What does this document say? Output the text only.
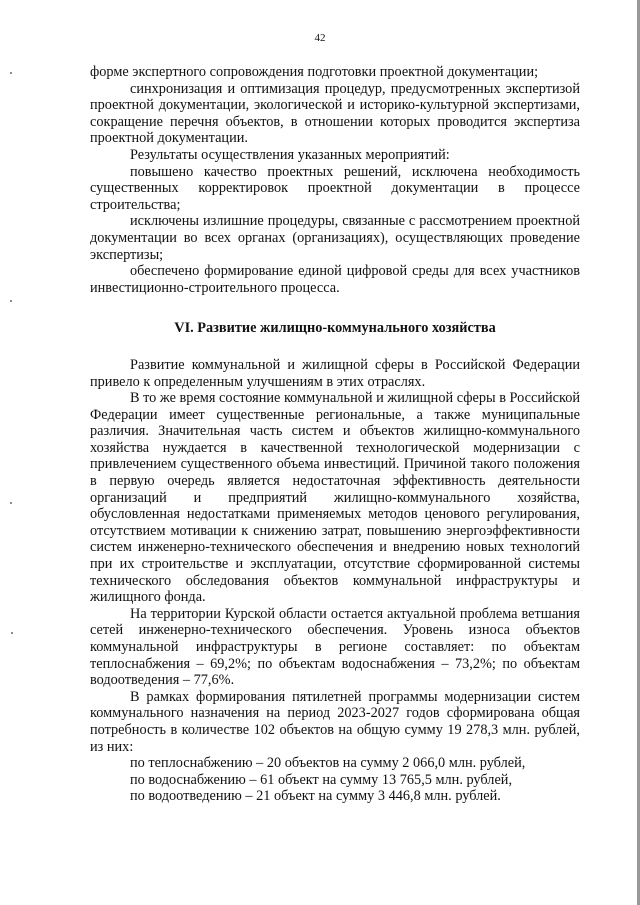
42

форме экспертного сопровождения подготовки проектной документации;

синхронизация и оптимизация процедур, предусмотренных экспертизой проектной документации, экологической и историко-культурной экспертизами, сокращение перечня объектов, в отношении которых проводится экспертиза проектной документации.

Результаты осуществления указанных мероприятий:

повышено качество проектных решений, исключена необходимость существенных корректировок проектной документации в процессе строительства;

исключены излишние процедуры, связанные с рассмотрением проектной документации во всех органах (организациях), осуществляющих проведение экспертизы;

обеспечено формирование единой цифровой среды для всех участников инвестиционно-строительного процесса.

VI. Развитие жилищно-коммунального хозяйства

Развитие коммунальной и жилищной сферы в Российской Федерации привело к определенным улучшениям в этих отраслях.

В то же время состояние коммунальной и жилищной сферы в Российской Федерации имеет существенные региональные, а также муниципальные различия. Значительная часть систем и объектов жилищно-коммунального хозяйства нуждается в качественной технологической модернизации с привлечением существенного объема инвестиций. Причиной такого положения в первую очередь является недостаточная эффективность деятельности организаций и предприятий жилищно-коммунального хозяйства, обусловленная недостатками применяемых методов ценового регулирования, отсутствием мотивации к снижению затрат, повышению энергоэффективности систем инженерно-технического обеспечения и внедрению новых технологий при их строительстве и эксплуатации, отсутствие сформированной системы технического обследования объектов коммунальной инфраструктуры и жилищного фонда.

На территории Курской области остается актуальной проблема ветшания сетей инженерно-технического обеспечения. Уровень износа объектов коммунальной инфраструктуры в регионе составляет: по объектам теплоснабжения – 69,2%; по объектам водоснабжения – 73,2%; по объектам водоотведения – 77,6%.

В рамках формирования пятилетней программы модернизации систем коммунального назначения на период 2023-2027 годов сформирована общая потребность в количестве 102 объектов на общую сумму 19 278,3 млн. рублей, из них:

по теплоснабжению – 20 объектов на сумму 2 066,0 млн. рублей,

по водоснабжению – 61 объект на сумму 13 765,5 млн. рублей,

по водоотведению – 21 объект на сумму 3 446,8 млн. рублей.
